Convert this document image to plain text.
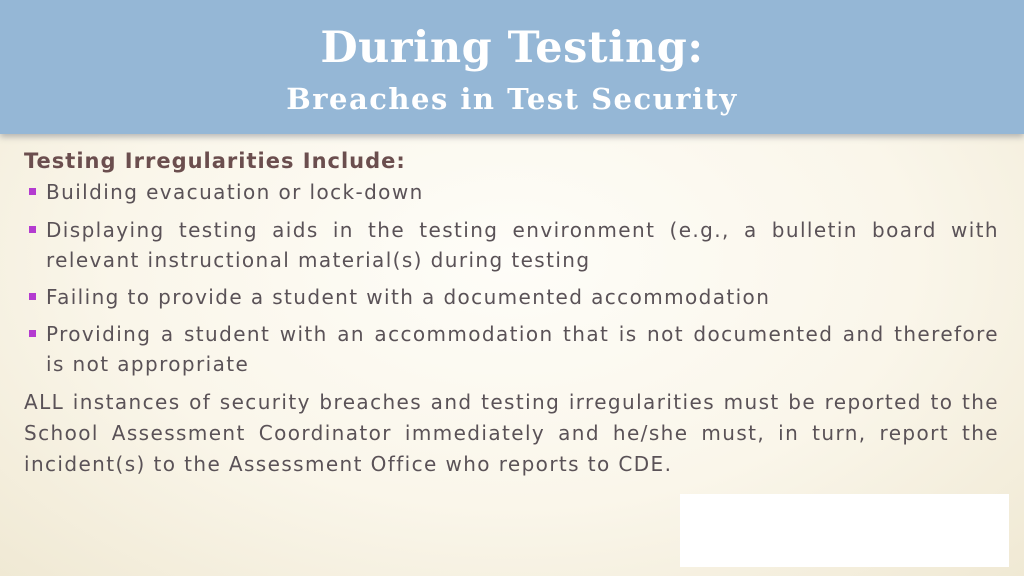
During Testing:
Breaches in Test Security
Testing Irregularities Include:
Building evacuation or lock-down
Displaying testing aids in the testing environment (e.g., a bulletin board with relevant instructional material(s) during testing
Failing to provide a student with a documented accommodation
Providing a student with an accommodation that is not documented and therefore is not appropriate
ALL instances of security breaches and testing irregularities must be reported to the School Assessment Coordinator immediately and he/she must, in turn, report the incident(s) to the Assessment Office who reports to CDE.
